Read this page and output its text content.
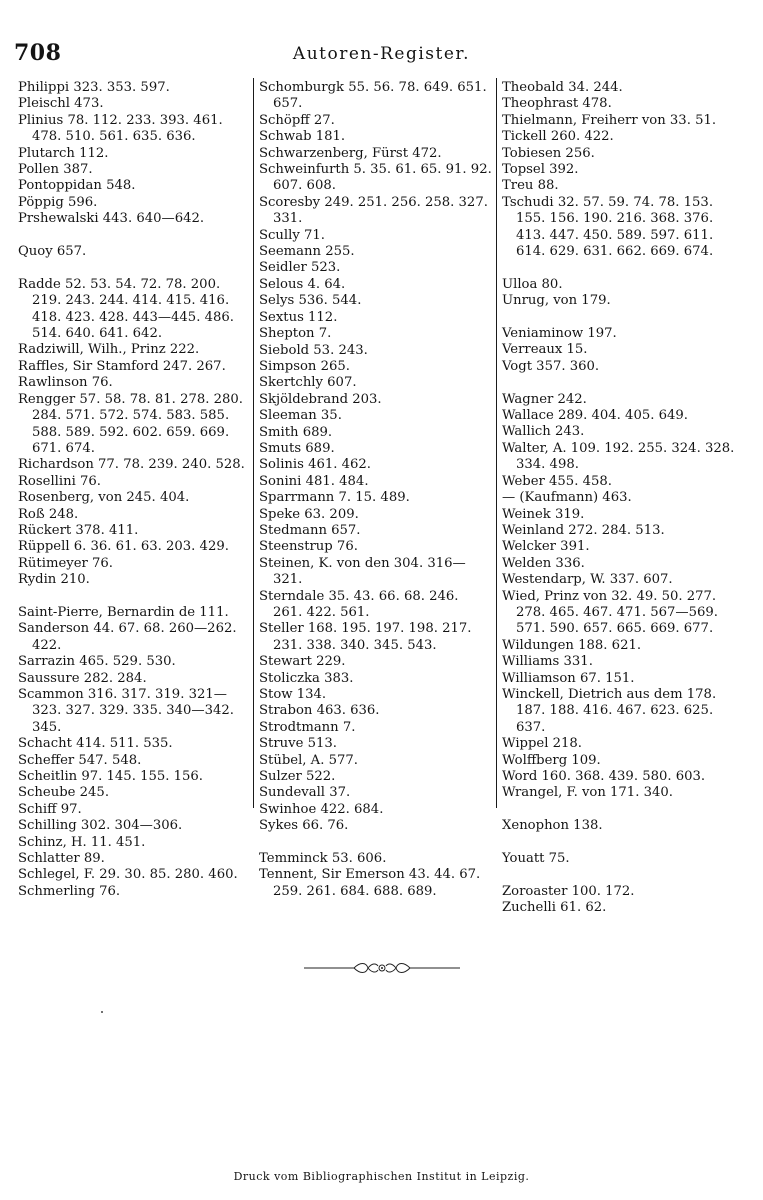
708	Autoren-Register.

Philippi 323. 353. 597.

Pleischl 473.

Plinius 78. 112. 233. 393. 461. 478. 510. 561. 635. 636.

Plutarch 112.

Pollen 387.

Pontoppidan 548.

Pöppig 596.

Prshewalski 443. 640—642.

Quoy 657.

Radde 52. 53. 54. 72. 78. 200. 219. 243. 244. 414. 415. 416. 418. 423. 428. 443—445. 486. 514. 640. 641. 642.

Radziwill, Wilh., Prinz 222.

Raffles, Sir Stamford 247. 267.

Rawlinson 76.

Rengger 57. 58. 78. 81. 278. 280. 284. 571. 572. 574. 583. 585. 588. 589. 592. 602. 659. 669. 671. 674.

Richardson 77. 78. 239. 240. 528.

Rosellini 76.

Rosenberg, von 245. 404.

Roß 248.

Rückert 378. 411.

Rüppell 6. 36. 61. 63. 203. 429.

Rütimeyer 76.

Rydin 210.

Saint-Pierre, Bernardin de 111.

Sanderson 44. 67. 68. 260—262. 422.

Sarrazin 465. 529. 530.

Saussure 282. 284.

Scammon 316. 317. 319. 321—323. 327. 329. 335. 340—342. 345.

Schacht 414. 511. 535.

Scheffer 547. 548.

Scheitlin 97. 145. 155. 156.

Scheube 245.

Schiff 97.

Schilling 302. 304—306.

Schinz, H. 11. 451.

Schlatter 89.

Schlegel, F. 29. 30. 85. 280. 460.

Schmerling 76.

Schomburgk 55. 56. 78. 649. 651. 657.

Schöpff 27.

Schwab 181.

Schwarzenberg, Fürst 472.

Schweinfurth 5. 35. 61. 65. 91. 92. 607. 608.

Scoresby 249. 251. 256. 258. 327. 331.

Scully 71.

Seemann 255.

Seidler 523.

Selous 4. 64.

Selys 536. 544.

Sextus 112.

Shepton 7.

Siebold 53. 243.

Simpson 265.

Skertchly 607.

Skjöldebrand 203.

Sleeman 35.

Smith 689.

Smuts 689.

Solinis 461. 462.

Sonini 481. 484.

Sparrmann 7. 15. 489.

Speke 63. 209.

Stedmann 657.

Steenstrup 76.

Steinen, K. von den 304. 316—321.

Sterndale 35. 43. 66. 68. 246. 261. 422. 561.

Steller 168. 195. 197. 198. 217. 231. 338. 340. 345. 543.

Stewart 229.

Stoliczka 383.

Stow 134.

Strabon 463. 636.

Strodtmann 7.

Struve 513.

Stübel, A. 577.

Sulzer 522.

Sundevall 37.

Swinhoe 422. 684.

Sykes 66. 76.

Temminck 53. 606.

Tennent, Sir Emerson 43. 44. 67. 259. 261. 684. 688. 689.

Theobald 34. 244.

Theophrast 478.

Thielmann, Freiherr von 33. 51.

Tickell 260. 422.

Tobiesen 256.

Topsel 392.

Treu 88.

Tschudi 32. 57. 59. 74. 78. 153. 155. 156. 190. 216. 368. 376. 413. 447. 450. 589. 597. 611. 614. 629. 631. 662. 669. 674.

Ulloa 80.

Unrug, von 179.

Veniaminow 197.

Verreaux 15.

Vogt 357. 360.

Wagner 242.

Wallace 289. 404. 405. 649.

Wallich 243.

Walter, A. 109. 192. 255. 324. 328. 334. 498.

Weber 455. 458.

— (Kaufmann) 463.

Weinek 319.

Weinland 272. 284. 513.

Welcker 391.

Welden 336.

Westendarp, W. 337. 607.

Wied, Prinz von 32. 49. 50. 277. 278. 465. 467. 471. 567—569. 571. 590. 657. 665. 669. 677.

Wildungen 188. 621.

Williams 331.

Williamson 67. 151.

Winckell, Dietrich aus dem 178. 187. 188. 416. 467. 623. 625. 637.

Wippel 218.

Wolffberg 109.

Word 160. 368. 439. 580. 603.

Wrangel, F. von 171. 340.

Xenophon 138.

Youatt 75.

Zoroaster 100. 172.

Zuchelli 61. 62.

Druck vom Bibliographischen Institut in Leipzig.
